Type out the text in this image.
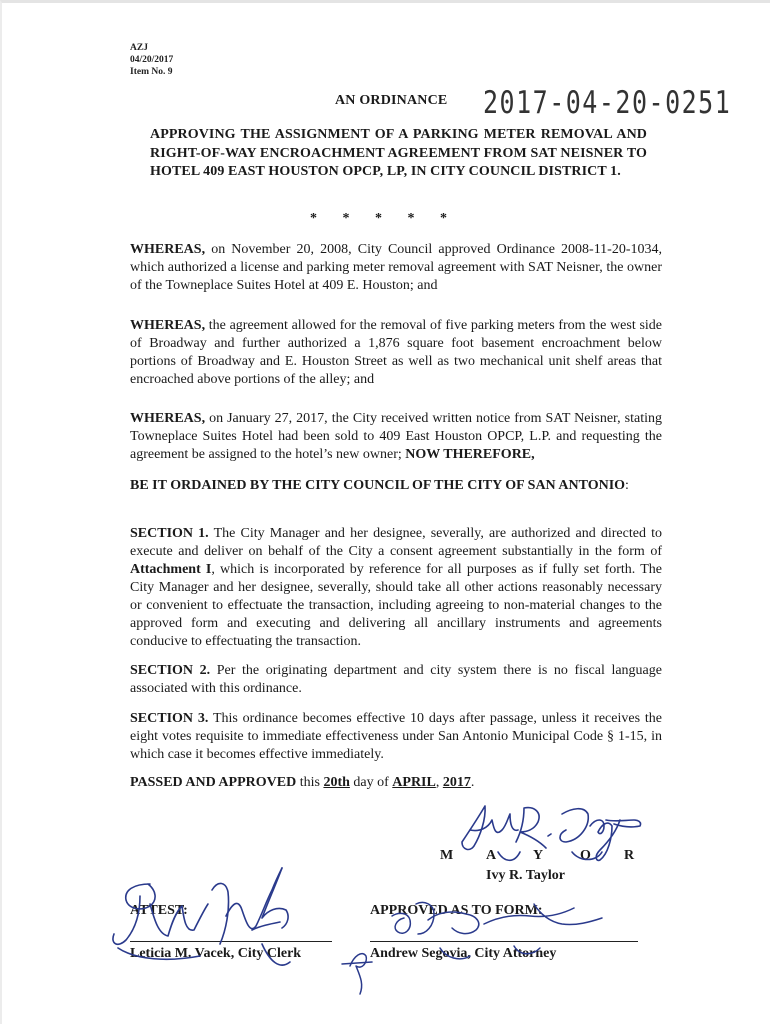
AZJ
04/20/2017
Item No. 9
AN ORDINANCE 2017-04-20-0251
APPROVING THE ASSIGNMENT OF A PARKING METER REMOVAL AND RIGHT-OF-WAY ENCROACHMENT AGREEMENT FROM SAT NEISNER TO HOTEL 409 EAST HOUSTON OPCP, LP, IN CITY COUNCIL DISTRICT 1.
* * * * *
WHEREAS, on November 20, 2008, City Council approved Ordinance 2008-11-20-1034, which authorized a license and parking meter removal agreement with SAT Neisner, the owner of the Towneplace Suites Hotel at 409 E. Houston; and
WHEREAS, the agreement allowed for the removal of five parking meters from the west side of Broadway and further authorized a 1,876 square foot basement encroachment below portions of Broadway and E. Houston Street as well as two mechanical unit shelf areas that encroached above portions of the alley; and
WHEREAS, on January 27, 2017, the City received written notice from SAT Neisner, stating Towneplace Suites Hotel had been sold to 409 East Houston OPCP, L.P. and requesting the agreement be assigned to the hotel’s new owner; NOW THEREFORE,
BE IT ORDAINED BY THE CITY COUNCIL OF THE CITY OF SAN ANTONIO:
SECTION 1. The City Manager and her designee, severally, are authorized and directed to execute and deliver on behalf of the City a consent agreement substantially in the form of Attachment I, which is incorporated by reference for all purposes as if fully set forth. The City Manager and her designee, severally, should take all other actions reasonably necessary or convenient to effectuate the transaction, including agreeing to non-material changes to the approved form and executing and delivering all ancillary instruments and agreements conducive to effectuating the transaction.
SECTION 2. Per the originating department and city system there is no fiscal language associated with this ordinance.
SECTION 3. This ordinance becomes effective 10 days after passage, unless it receives the eight votes requisite to immediate effectiveness under San Antonio Municipal Code § 1-15, in which case it becomes effective immediately.
PASSED AND APPROVED this 20th day of APRIL, 2017.
M A	Y	O R
Ivy R. Taylor
ATTEST:
Leticia M. Vacek, City Clerk
APPROVED AS TO FORM:
Andrew Segovia, City Attorney
